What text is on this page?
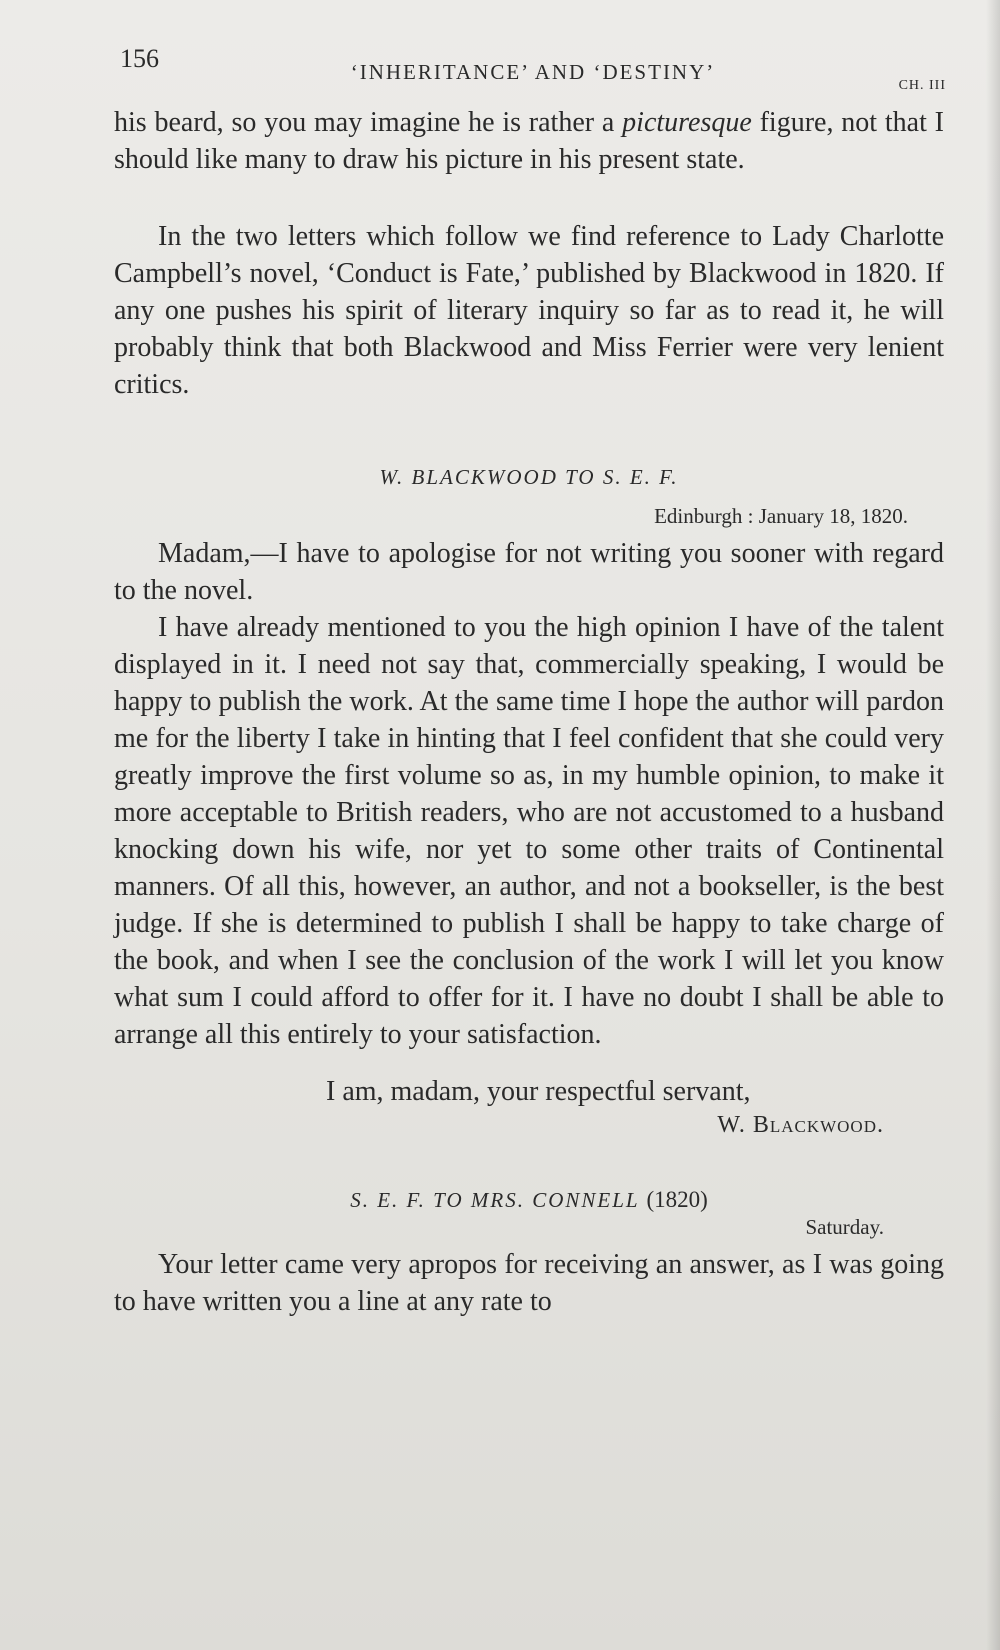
156	‘INHERITANCE’ AND ‘DESTINY’
CH. III

his beard, so you may imagine he is rather a picturesque figure, not that I should like many to draw his picture in his present state.

In the two letters which follow we find reference to Lady Charlotte Campbell’s novel, ‘Conduct is Fate,’ published by Blackwood in 1820. If any one pushes his spirit of literary inquiry so far as to read it, he will probably think that both Blackwood and Miss Ferrier were very lenient critics.

W. BLACKWOOD TO S. E. F.
Edinburgh : January 18, 1820.

Madam,—I have to apologise for not writing you sooner with regard to the novel.

I have already mentioned to you the high opinion I have of the talent displayed in it. I need not say that, commercially speaking, I would be happy to publish the work. At the same time I hope the author will pardon me for the liberty I take in hinting that I feel confident that she could very greatly improve the first volume so as, in my humble opinion, to make it more acceptable to British readers, who are not accustomed to a husband knocking down his wife, nor yet to some other traits of Continental manners. Of all this, however, an author, and not a bookseller, is the best judge. If she is determined to publish I shall be happy to take charge of the book, and when I see the conclusion of the work I will let you know what sum I could afford to offer for it. I have no doubt I shall be able to arrange all this entirely to your satisfaction.

I am, madam, your respectful servant,
W. Blackwood.
S. E. F. TO MRS. CONNELL (1820)
Saturday.

Your letter came very apropos for receiving an answer, as I was going to have written you a line at any rate to
